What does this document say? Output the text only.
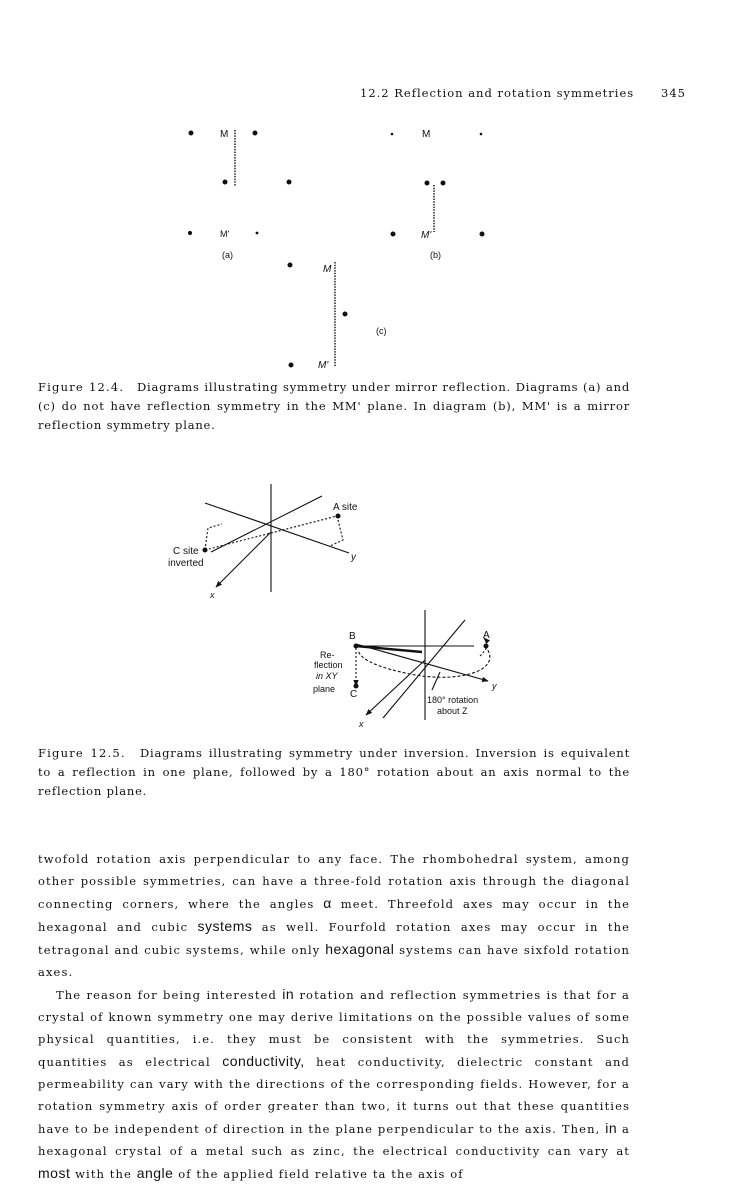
12.2 Reflection and rotation symmetries 345
M
M'
(a)
M
M'
(b)
M
M'
(c)
Figure 12.4. Diagrams illustrating symmetry under mirror reflection. Diagrams (a) and (c) do not have reflection symmetry in the MM' plane. In diagram (b), MM' is a mirror reflection symmetry plane.
A site
C site
inverted
y
x
B	A
C
Re-
flection
in XY
plane
180° rotation
about Z
y
x
Figure 12.5. Diagrams illustrating symmetry under inversion. Inversion is equivalent to a reflection in one plane, followed by a 180° rotation about an axis normal to the reflection plane.

twofold rotation axis perpendicular to any face. The rhombohedral system, among other possible symmetries, can have a three-fold rotation axis through the diagonal connecting corners, where the angles α meet. Threefold axes may occur in the hexagonal and cubic systems as well. Fourfold rotation axes may occur in the tetragonal and cubic systems, while only hexagonal systems can have sixfold rotation axes.

The reason for being interested in rotation and reflection symmetries is that for a crystal of known symmetry one may derive limitations on the possible values of some physical quantities, i.e. they must be consistent with the symmetries. Such quantities as electrical conductivity, heat conductivity, dielectric constant and permeability can vary with the directions of the corresponding fields. However, for a rotation symmetry axis of order greater than two, it turns out that these quantities have to be independent of direction in the plane perpendicular to the axis. Then, in a hexagonal crystal of a metal such as zinc, the electrical conductivity can vary at most with the angle of the applied field relative ta the axis of
